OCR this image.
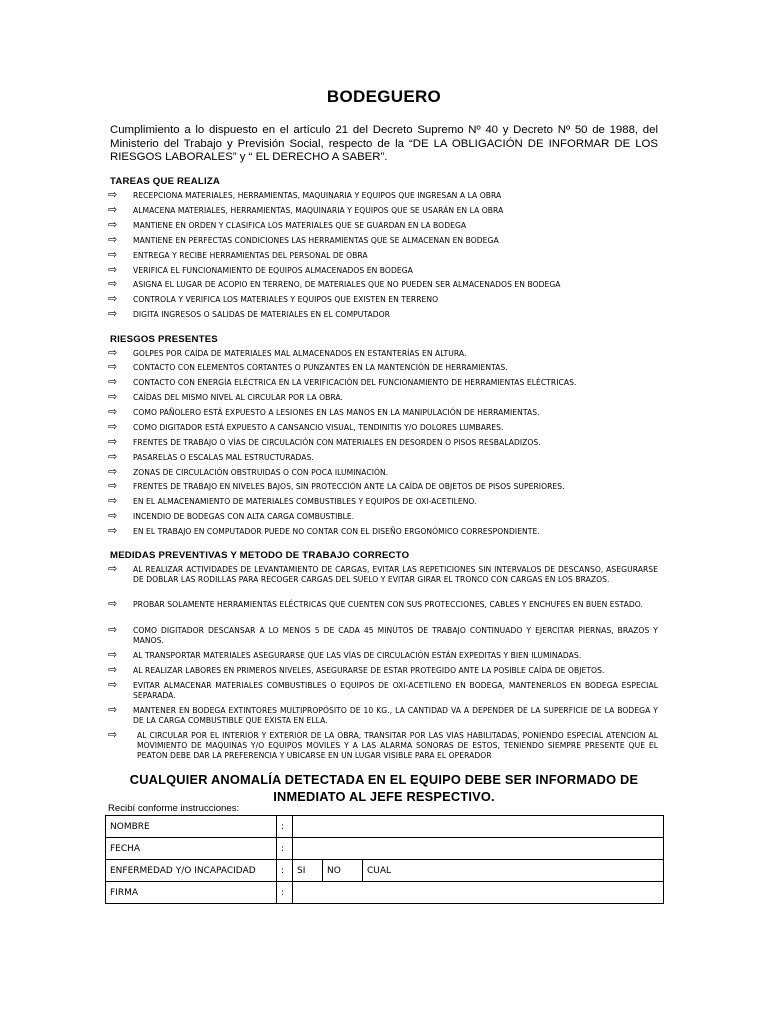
BODEGUERO
Cumplimiento a lo dispuesto en el artículo 21 del Decreto Supremo Nº 40 y Decreto Nº 50 de 1988, del Ministerio del Trabajo y Previsión Social, respecto de la “DE LA OBLIGACIÓN DE INFORMAR DE LOS RIESGOS LABORALES” y “ EL DERECHO A SABER”.
TAREAS QUE REALIZA
⇨ RECEPCIONA MATERIALES, HERRAMIENTAS, MAQUINARIA Y EQUIPOS QUE INGRESAN A LA OBRA
⇨ ALMACENA MATERIALES, HERRAMIENTAS, MAQUINARIA Y EQUIPOS QUE SE USARÁN EN LA OBRA
⇨ MANTIENE EN ORDEN Y CLASIFICA LOS MATERIALES QUE SE GUARDAN EN LA BODEGA
⇨ MANTIENE EN PERFECTAS CONDICIONES LAS HERRAMIENTAS QUE SE ALMACENAN EN BODEGA
⇨ ENTREGA Y RECIBE HERRAMIENTAS DEL PERSONAL DE OBRA
⇨ VERIFICA EL FUNCIONAMIENTO DE EQUIPOS ALMACENADOS EN BODEGA
⇨ ASIGNA EL LUGAR DE ACOPIO EN TERRENO, DE MATERIALES QUE NO PUEDEN SER ALMACENADOS EN BODEGA
⇨ CONTROLA Y VERIFICA LOS MATERIALES Y EQUIPOS QUE EXISTEN EN TERRENO
⇨ DIGITA INGRESOS O SALIDAS DE MATERIALES EN EL COMPUTADOR
RIESGOS PRESENTES
⇨ GOLPES POR CAÍDA DE MATERIALES MAL ALMACENADOS EN ESTANTERÍAS EN ALTURA.
⇨ CONTACTO CON ELEMENTOS CORTANTES O PUNZANTES EN LA MANTENCIÓN DE HERRAMIENTAS.
⇨ CONTACTO CON ENERGÍA ELÉCTRICA EN LA VERIFICACIÓN DEL FUNCIONAMIENTO DE HERRAMIENTAS ELÉCTRICAS.
⇨ CAÍDAS DEL MISMO NIVEL AL CIRCULAR POR LA OBRA.
⇨ COMO PAÑOLERO ESTÁ EXPUESTO A LESIONES EN LAS MANOS EN LA MANIPULACIÓN DE HERRAMIENTAS.
⇨ COMO DIGITADOR ESTÁ EXPUESTO A CANSANCIO VISUAL, TENDINITIS Y/O DOLORES LUMBARES.
⇨ FRENTES DE TRABAJO O VÍAS DE CIRCULACIÓN CON MATERIALES EN DESORDEN O PISOS RESBALADIZOS.
⇨ PASARELAS O ESCALAS MAL ESTRUCTURADAS.
⇨ ZONAS DE CIRCULACIÓN OBSTRUIDAS O CON POCA ILUMINACIÓN.
⇨ FRENTES DE TRABAJO EN NIVELES BAJOS, SIN PROTECCIÓN ANTE LA CAÍDA DE OBJETOS DE PISOS SUPERIORES.
⇨ EN EL ALMACENAMIENTO DE MATERIALES COMBUSTIBLES Y EQUIPOS DE OXI-ACETILENO.
⇨ INCENDIO DE BODEGAS CON ALTA CARGA COMBUSTIBLE.
⇨ EN EL TRABAJO EN COMPUTADOR PUEDE NO CONTAR CON EL DISEÑO ERGONÓMICO CORRESPONDIENTE.
MEDIDAS PREVENTIVAS Y METODO DE TRABAJO CORRECTO
⇨ AL REALIZAR ACTIVIDADES DE LEVANTAMIENTO DE CARGAS, EVITAR LAS REPETICIONES SIN INTERVALOS DE DESCANSO, ASEGURARSE DE DOBLAR LAS RODILLAS PARA RECOGER CARGAS DEL SUELO Y EVITAR GIRAR EL TRONCO CON CARGAS EN LOS BRAZOS.
⇨ PROBAR SOLAMENTE HERRAMIENTAS ELÉCTRICAS QUE CUENTEN CON SUS PROTECCIONES, CABLES Y ENCHUFES EN BUEN ESTADO.
⇨ COMO DIGITADOR DESCANSAR A LO MENOS 5 DE CADA 45 MINUTOS DE TRABAJO CONTINUADO Y EJERCITAR PIERNAS, BRAZOS Y MANOS.
⇨ AL TRANSPORTAR MATERIALES ASEGURARSE QUE LAS VÍAS DE CIRCULACIÓN ESTÁN EXPEDITAS Y BIEN ILUMINADAS.
⇨ AL REALIZAR LABORES EN PRIMEROS NIVELES, ASEGURARSE DE ESTAR PROTEGIDO ANTE LA POSIBLE CAÍDA DE OBJETOS.
⇨ EVITAR ALMACENAR MATERIALES COMBUSTIBLES O EQUIPOS DE OXI-ACETILENO EN BODEGA, MANTENERLOS EN BODEGA ESPECIAL SEPARADA.
⇨ MANTENER EN BODEGA EXTINTORES MULTIPROPÓSITO DE 10 KG., LA CANTIDAD VA A DEPENDER DE LA SUPERFICIE DE LA BODEGA Y DE LA CARGA COMBUSTIBLE QUE EXISTA EN ELLA.
⇨	AL CIRCULAR POR EL INTERIOR Y EXTERIOR DE LA OBRA, TRANSITAR POR LAS VIAS HABILITADAS, PONIENDO ESPECIAL ATENCION AL MOVIMIENTO DE MAQUINAS Y/O EQUIPOS MOVILES Y A LAS ALARMA SONORAS DE ESTOS, TENIENDO SIEMPRE PRESENTE QUE EL PEATON DEBE DAR LA PREFERENCIA Y UBICARSE EN UN LUGAR VISIBLE PARA EL OPERADOR
CUALQUIER ANOMALÍA DETECTADA EN EL EQUIPO DEBE SER INFORMADO DE INMEDIATO AL JEFE RESPECTIVO.
Recibí conforme instrucciones:
NOMBRE	:			
FECHA	:			
ENFERMEDAD Y/O INCAPACIDAD	:	SI	NO	CUAL
FIRMA	:			
